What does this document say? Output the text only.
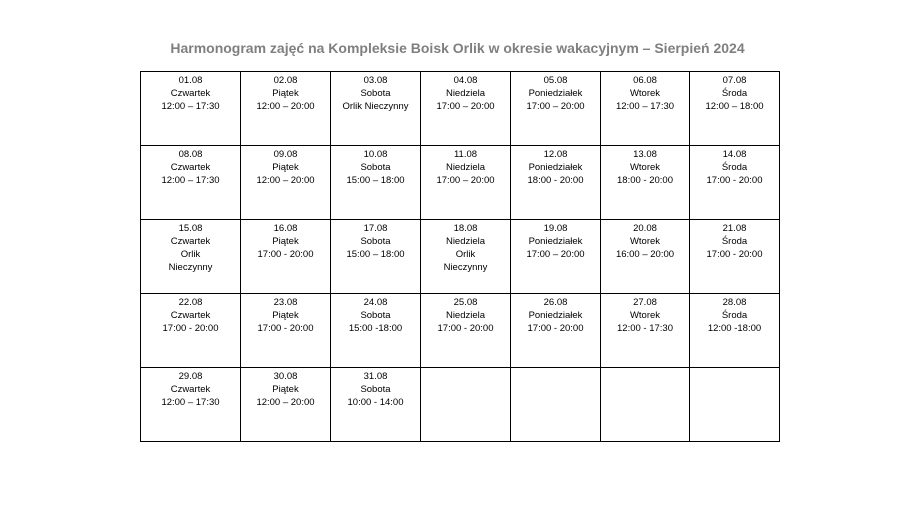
Harmonogram zajęć na Kompleksie Boisk Orlik w okresie wakacyjnym – Sierpień 2024
01.08
Czwartek
12:00 – 17:30	02.08
Piątek
12:00 – 20:00	03.08
Sobota
Orlik Nieczynny	04.08
Niedziela
17:00 – 20:00	05.08
Poniedziałek
17:00 – 20:00	06.08
Wtorek
12:00 – 17:30	07.08
Środa
12:00 – 18:00

08.08
Czwartek
12:00 – 17:30	09.08
Piątek
12:00 – 20:00	10.08
Sobota
15:00 – 18:00	11.08
Niedziela
17:00 – 20:00	12.08
Poniedziałek
18:00 - 20:00	13.08
Wtorek
18:00 - 20:00	14.08
Środa
17:00 - 20:00

15.08
Czwartek
Orlik
Nieczynny	16.08
Piątek
17:00 - 20:00	17.08
Sobota
15:00 – 18:00	18.08
Niedziela
Orlik
Nieczynny	19.08
Poniedziałek
17:00 – 20:00	20.08
Wtorek
16:00 – 20:00	21.08
Środa
17:00 - 20:00

22.08
Czwartek
17:00 - 20:00	23.08
Piątek
17:00 - 20:00	24.08
Sobota
15:00 -18:00	25.08
Niedziela
17:00 - 20:00	26.08
Poniedziałek
17:00 - 20:00	27.08
Wtorek
12:00 - 17:30	28.08
Środa
12:00 -18:00

29.08
Czwartek
12:00 – 17:30	30.08
Piątek
12:00 – 20:00	31.08
Sobota
10:00 - 14:00				
